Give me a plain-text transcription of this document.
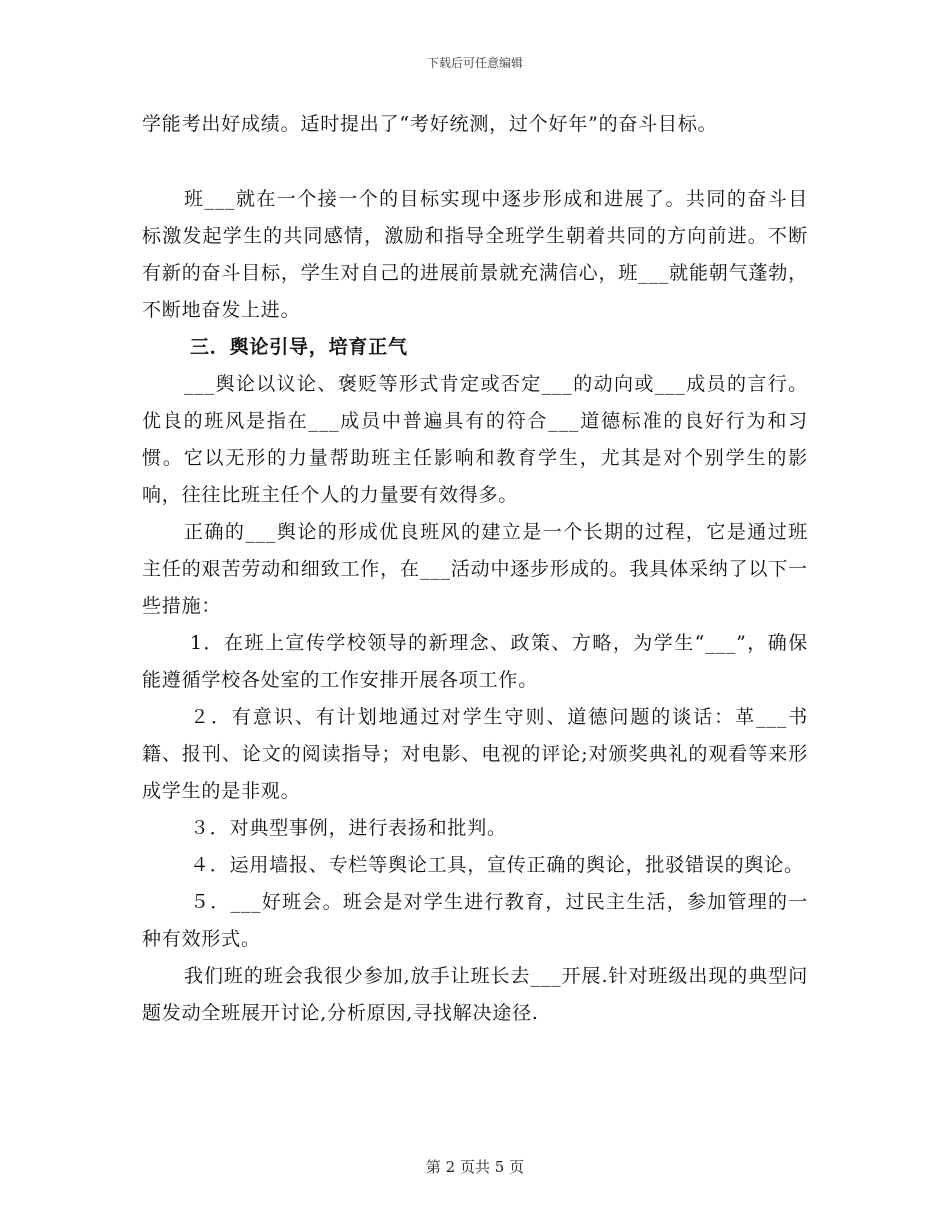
下载后可任意编辑

学能考出好成绩。适时提出了“考好统测，过个好年”的奋斗目标。

班___就在一个接一个的目标实现中逐步形成和进展了。共同的奋斗目标激发起学生的共同感情，激励和指导全班学生朝着共同的方向前进。不断有新的奋斗目标，学生对自己的进展前景就充满信心，班___就能朝气蓬勃，不断地奋发上进。

三．舆论引导，培育正气

___舆论以议论、褒贬等形式肯定或否定___的动向或___成员的言行。优良的班风是指在___成员中普遍具有的符合___道德标准的良好行为和习惯。它以无形的力量帮助班主任影响和教育学生，尤其是对个别学生的影响，往往比班主任个人的力量要有效得多。

正确的___舆论的形成优良班风的建立是一个长期的过程，它是通过班主任的艰苦劳动和细致工作，在___活动中逐步形成的。我具体采纳了以下一些措施：

1．在班上宣传学校领导的新理念、政策、方略，为学生“___”，确保能遵循学校各处室的工作安排开展各项工作。

２．有意识、有计划地通过对学生守则、道德问题的谈话：革___书籍、报刊、论文的阅读指导；对电影、电视的评论;对颁奖典礼的观看等来形成学生的是非观。

３．对典型事例，进行表扬和批判。

４．运用墙报、专栏等舆论工具，宣传正确的舆论，批驳错误的舆论。

５．___好班会。班会是对学生进行教育，过民主生活，参加管理的一种有效形式。

我们班的班会我很少参加,放手让班长去___开展.针对班级出现的典型问题发动全班展开讨论,分析原因,寻找解决途径.

第 2 页共 5 页
